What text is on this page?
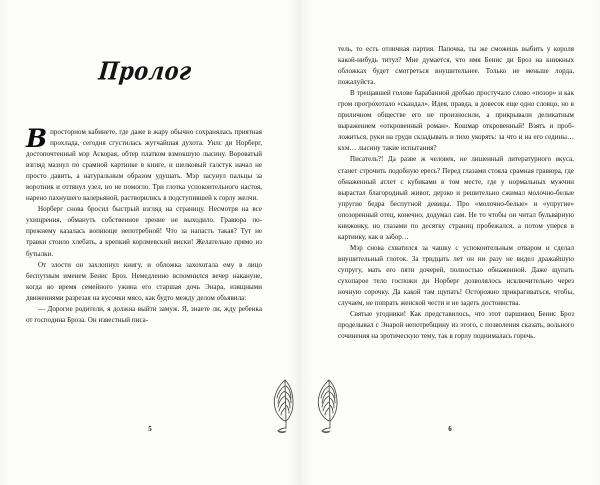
Пролог

Впросторном кабинете, где даже в жару обычно сохранялась приятная прохлада, сегодня сгустилась жутчайшая духота. Уилс ди Норберг, достопочтенный мэр Аскорая, обтер платком взмокшую лысину. Вороватый взгляд мазнул по срамной картинке в книге, и шелковый галстук начал не просто давить, а натуральным образом удушать. Мэр засунул пальцы за воротник и оттянул узел, но не помогло. Три глотка успокоительного настоя, нарено пахнушего валерьяной, растворились в подступившей к горлу желчи.

Норберг снова бросил быстрый взгляд на страницу. Несмотря на все ухищрения, обмануть собственное зрение не выходило. Гравюра по-прежнему казалась вопиюще непотребной! Что за напасть такая? Тут не травки стоило хлебать, а крепкий корлмевский виски! Желательно прямо из бутылки.

От злости он захлопнул книгу, и обложка захохотала ему в лицо беспутным именем Бенис Броз. Немедленно вспомнился вечер накануне, когда во время семейного ужина его старшая дочь Энара, изящными движениями разрезая на кусочки мясо, как будто между делом объявила:

— Дорогие родители, я должна выйти замуж. Я, знаете ли, жду ребенка от господина Броза. Он известный писа-

5

тель, то есть отличная партия. Папочка, ты же сможешь выбить у короля какой-нибудь титул? Мне думается, что имя Бенис ди Броз на книжных обложках будет смотреться внушительнее. Только не меньше лорда, пожалуйста.

В трещавшей голове барабанной дробью простучало слово «позор» и как гром прогрохотало «скандал». Идея, правда, в довесок еще одно словцо, но в приличном обществе его не произносили, а прикрывали деликатным выражением «откровенный роман». Кошмар откровенный! Взять и пробложиться, руки на груди складывать и тихо укорять: за что и на его седины… кхм… лысину такие испытания?

Писатель?! Да разве ж человек, не лишенный литературного вкуса, станет строчить подобную ересь? Перед глазами стояла срамная гравюра, где обнаженный атлет с кубиками в том месте, где у нормальных мужчин вырастал благородный живот, дерзко и решительно сжимал молочно-белые упругие бедра беспутной девицы. Про «молочно-белые» и «упругие» опозоренный отец, конечно, додумал сам. Не то чтобы он читал бульварную книжонку, но глазами по десятку страниц пробежался, а потом уперся в картинку, как в забор…

Мэр снова схватился за чашку с успокоительным отваром и сделал внушительный глоток. За тридцать лет он ни разу не видел дражайшую супругу, мать его пяти дочерей, полностью обнаженной. Даже щупать сухопарое тело госпожи ди Норберг дозволялось исключительно через ночную сорочку. Да какой там щупать! Осторожно прикрагиваться, чтобы, случаем, не попрать женской чести и не задеть достоинства.

Святые угодники! Как представилось, что этот паршивец Бенис Броз проделывал с Энарой непотребщину из этого, с позволения сказать, вольного сочинения на эротическую тему, так в горлу поднималась горечь.

6
